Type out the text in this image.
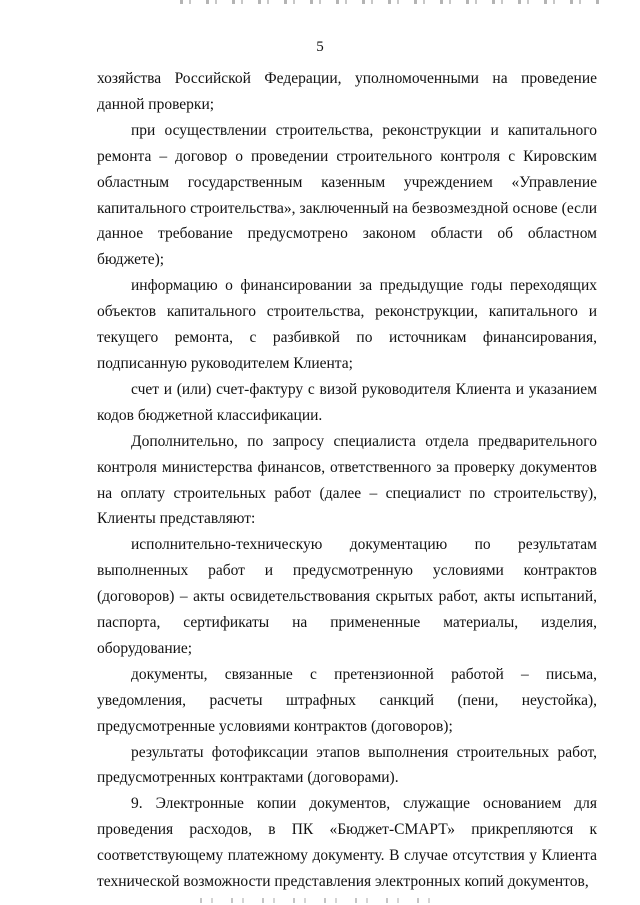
5

хозяйства Российской Федерации, уполномоченными на проведение данной проверки;

при осуществлении строительства, реконструкции и капитального ремонта – договор о проведении строительного контроля с Кировским областным государственным казенным учреждением «Управление капитального строительства», заключенный на безвозмездной основе (если данное требование предусмотрено законом области об областном бюджете);

информацию о финансировании за предыдущие годы переходящих объектов капитального строительства, реконструкции, капитального и текущего ремонта, с разбивкой по источникам финансирования, подписанную руководителем Клиента;

счет и (или) счет-фактуру с визой руководителя Клиента и указанием кодов бюджетной классификации.

Дополнительно, по запросу специалиста отдела предварительного контроля министерства финансов, ответственного за проверку документов на оплату строительных работ (далее – специалист по строительству), Клиенты представляют:

исполнительно-техническую документацию по результатам выполненных работ и предусмотренную условиями контрактов (договоров) – акты освидетельствования скрытых работ, акты испытаний, паспорта, сертификаты на примененные материалы, изделия, оборудование;

документы, связанные с претензионной работой – письма, уведомления, расчеты штрафных санкций (пени, неустойка), предусмотренные условиями контрактов (договоров);

результаты фотофиксации этапов выполнения строительных работ, предусмотренных контрактами (договорами).

9. Электронные копии документов, служащие основанием для проведения расходов, в ПК «Бюджет-СМАРТ» прикрепляются к соответствующему платежному документу. В случае отсутствия у Клиента технической возможности представления электронных копий документов,
